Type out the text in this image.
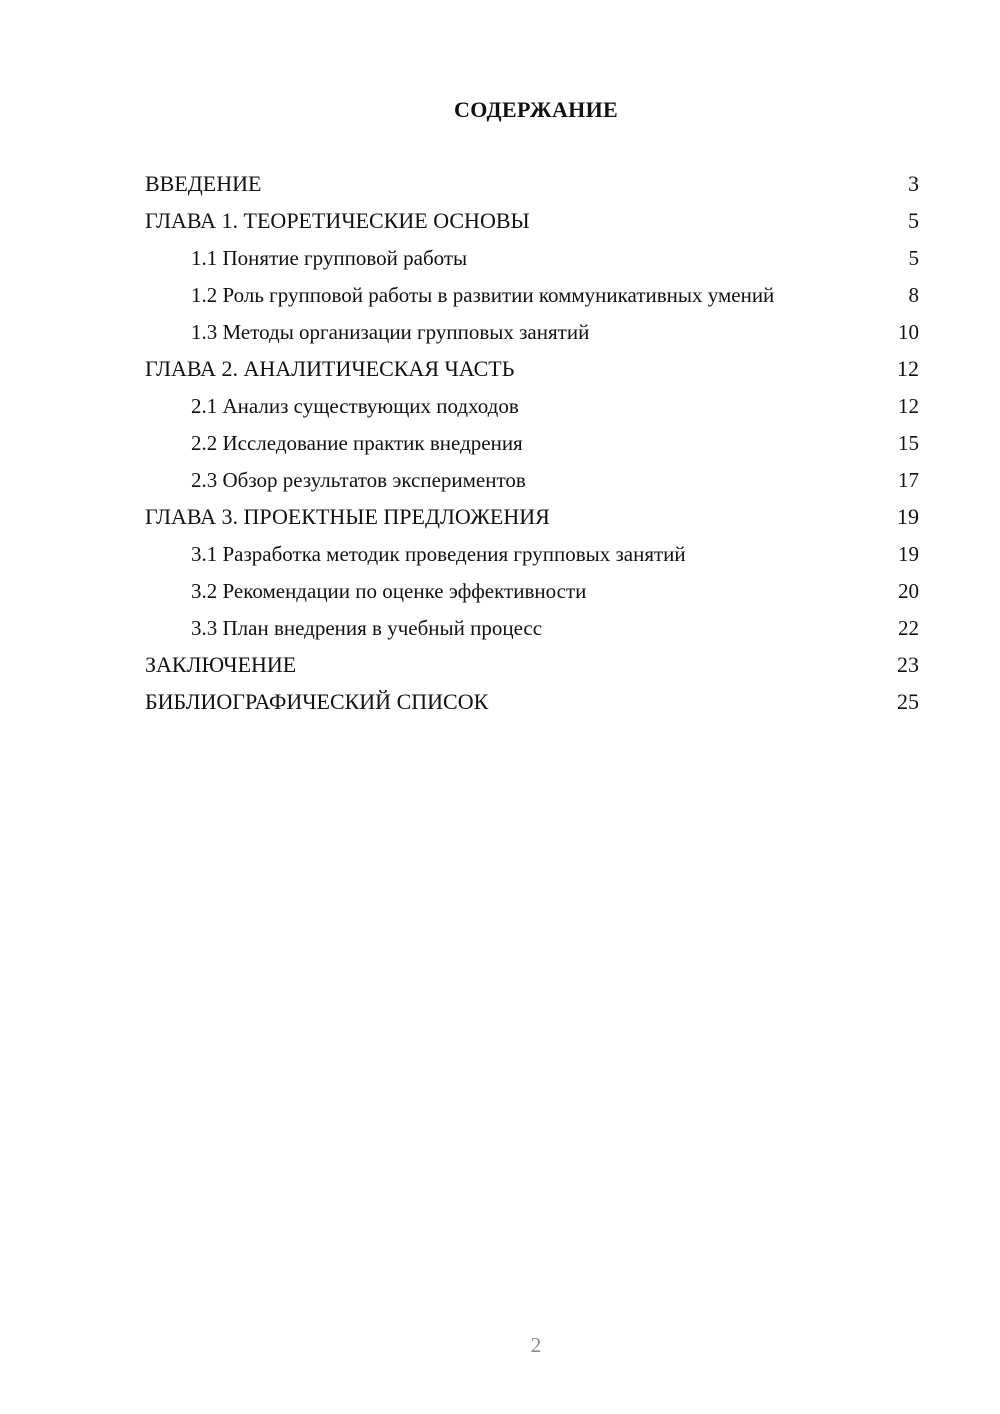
СОДЕРЖАНИЕ
ВВЕДЕНИЕ	3
ГЛАВА 1. ТЕОРЕТИЧЕСКИЕ ОСНОВЫ	5
1.1 Понятие групповой работы	5
1.2 Роль групповой работы в развитии коммуникативных умений	8
1.3 Методы организации групповых занятий	10
ГЛАВА 2. АНАЛИТИЧЕСКАЯ ЧАСТЬ	12
2.1 Анализ существующих подходов	12
2.2 Исследование практик внедрения	15
2.3 Обзор результатов экспериментов	17
ГЛАВА 3. ПРОЕКТНЫЕ ПРЕДЛОЖЕНИЯ	19
3.1 Разработка методик проведения групповых занятий	19
3.2 Рекомендации по оценке эффективности	20
3.3 План внедрения в учебный процесс	22
ЗАКЛЮЧЕНИЕ	23
БИБЛИОГРАФИЧЕСКИЙ СПИСОК	25
2
